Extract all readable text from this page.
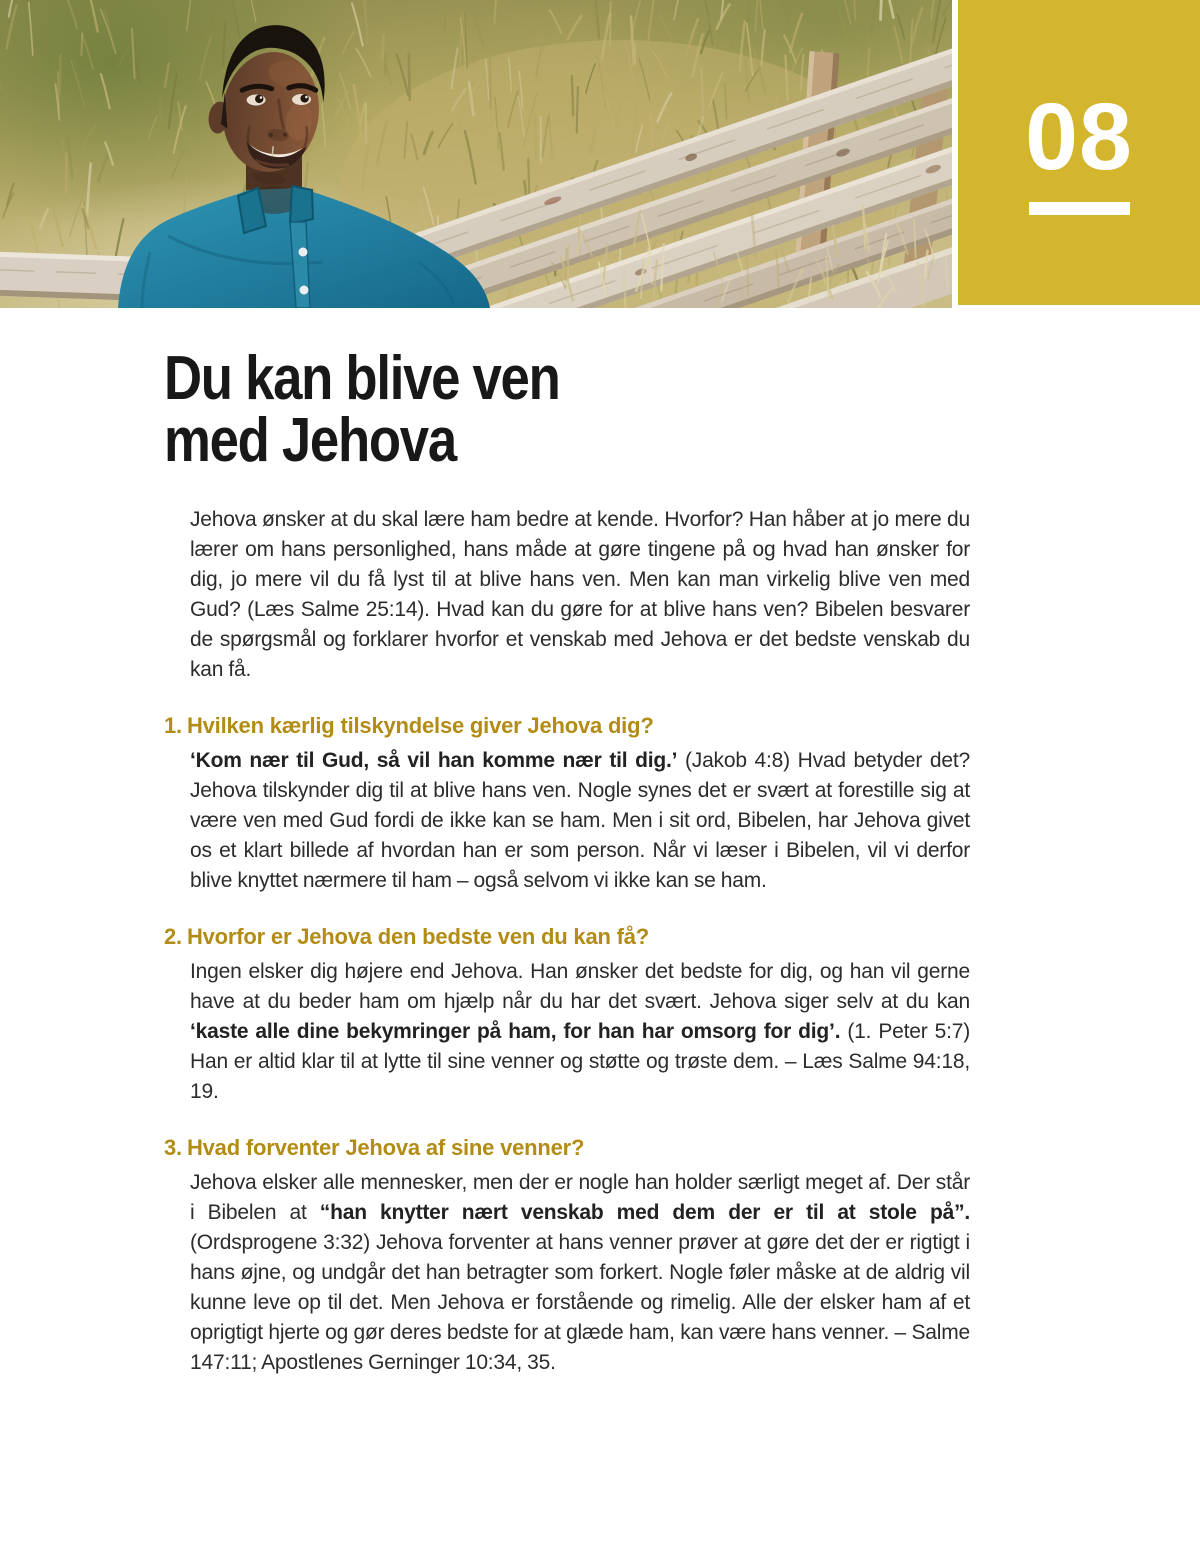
08
Du kan blive ven
med Jehova

Jehova ønsker at du skal lære ham bedre at kende. Hvorfor? Han håber at jo mere du lærer om hans personlighed, hans måde at gøre tingene på og hvad han ønsker for dig, jo mere vil du få lyst til at blive hans ven. Men kan man virkelig blive ven med Gud? (Læs Salme 25:14). Hvad kan du gøre for at blive hans ven? Bibelen besvarer de spørgsmål og forklarer hvorfor et venskab med Jehova er det bedste venskab du kan få.

1. Hvilken kærlig tilskyndelse giver Jehova dig?

‘Kom nær til Gud, så vil han komme nær til dig.’ (Jakob 4:8) Hvad betyder det? Jehova tilskynder dig til at blive hans ven. Nogle synes det er svært at forestille sig at være ven med Gud fordi de ikke kan se ham. Men i sit ord, Bibelen, har Jehova givet os et klart billede af hvordan han er som person. Når vi læser i Bibelen, vil vi derfor blive knyttet nærmere til ham – også selvom vi ikke kan se ham.

2. Hvorfor er Jehova den bedste ven du kan få?

Ingen elsker dig højere end Jehova. Han ønsker det bedste for dig, og han vil gerne have at du beder ham om hjælp når du har det svært. Jehova siger selv at du kan ‘kaste alle dine bekymringer på ham, for han har omsorg for dig’. (1. Peter 5:7) Han er altid klar til at lytte til sine venner og støtte og trøste dem. – Læs Salme 94:18, 19.

3. Hvad forventer Jehova af sine venner?

Jehova elsker alle mennesker, men der er nogle han holder særligt meget af. Der står i Bibelen at “han knytter nært venskab med dem der er til at stole på”. (Ordsprogene 3:32) Jehova forventer at hans venner prøver at gøre det der er rigtigt i hans øjne, og undgår det han betragter som forkert. Nogle føler måske at de aldrig vil kunne leve op til det. Men Jehova er forstående og rimelig. Alle der elsker ham af et oprigtigt hjerte og gør deres bedste for at glæde ham, kan være hans venner. – Salme 147:11; Apostlenes Gerninger 10:34, 35.
